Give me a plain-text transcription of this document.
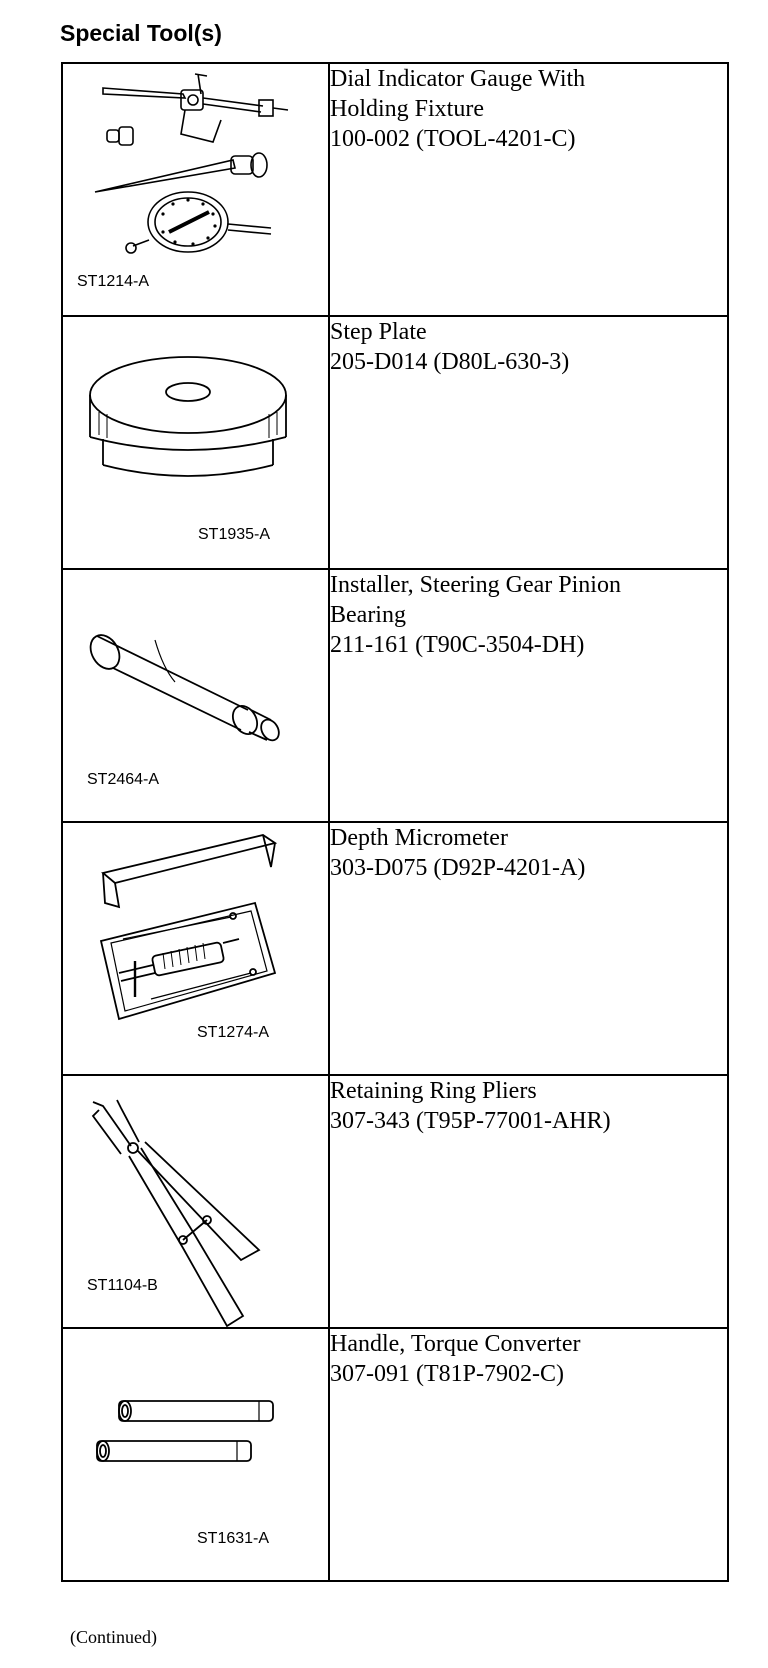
Special Tool(s)
ST1214-A	Dial Indicator Gauge With
Holding Fixture
100-002 (TOOL-4201-C)

ST1935-A	Step Plate
205-D014 (D80L-630-3)

ST2464-A	Installer, Steering Gear Pinion
Bearing
211-161 (T90C-3504-DH)

ST1274-A	Depth Micrometer
303-D075 (D92P-4201-A)

ST1104-B	Retaining Ring Pliers
307-343 (T95P-77001-AHR)

ST1631-A	Handle, Torque Converter
307-091 (T81P-7902-C)
(Continued)
